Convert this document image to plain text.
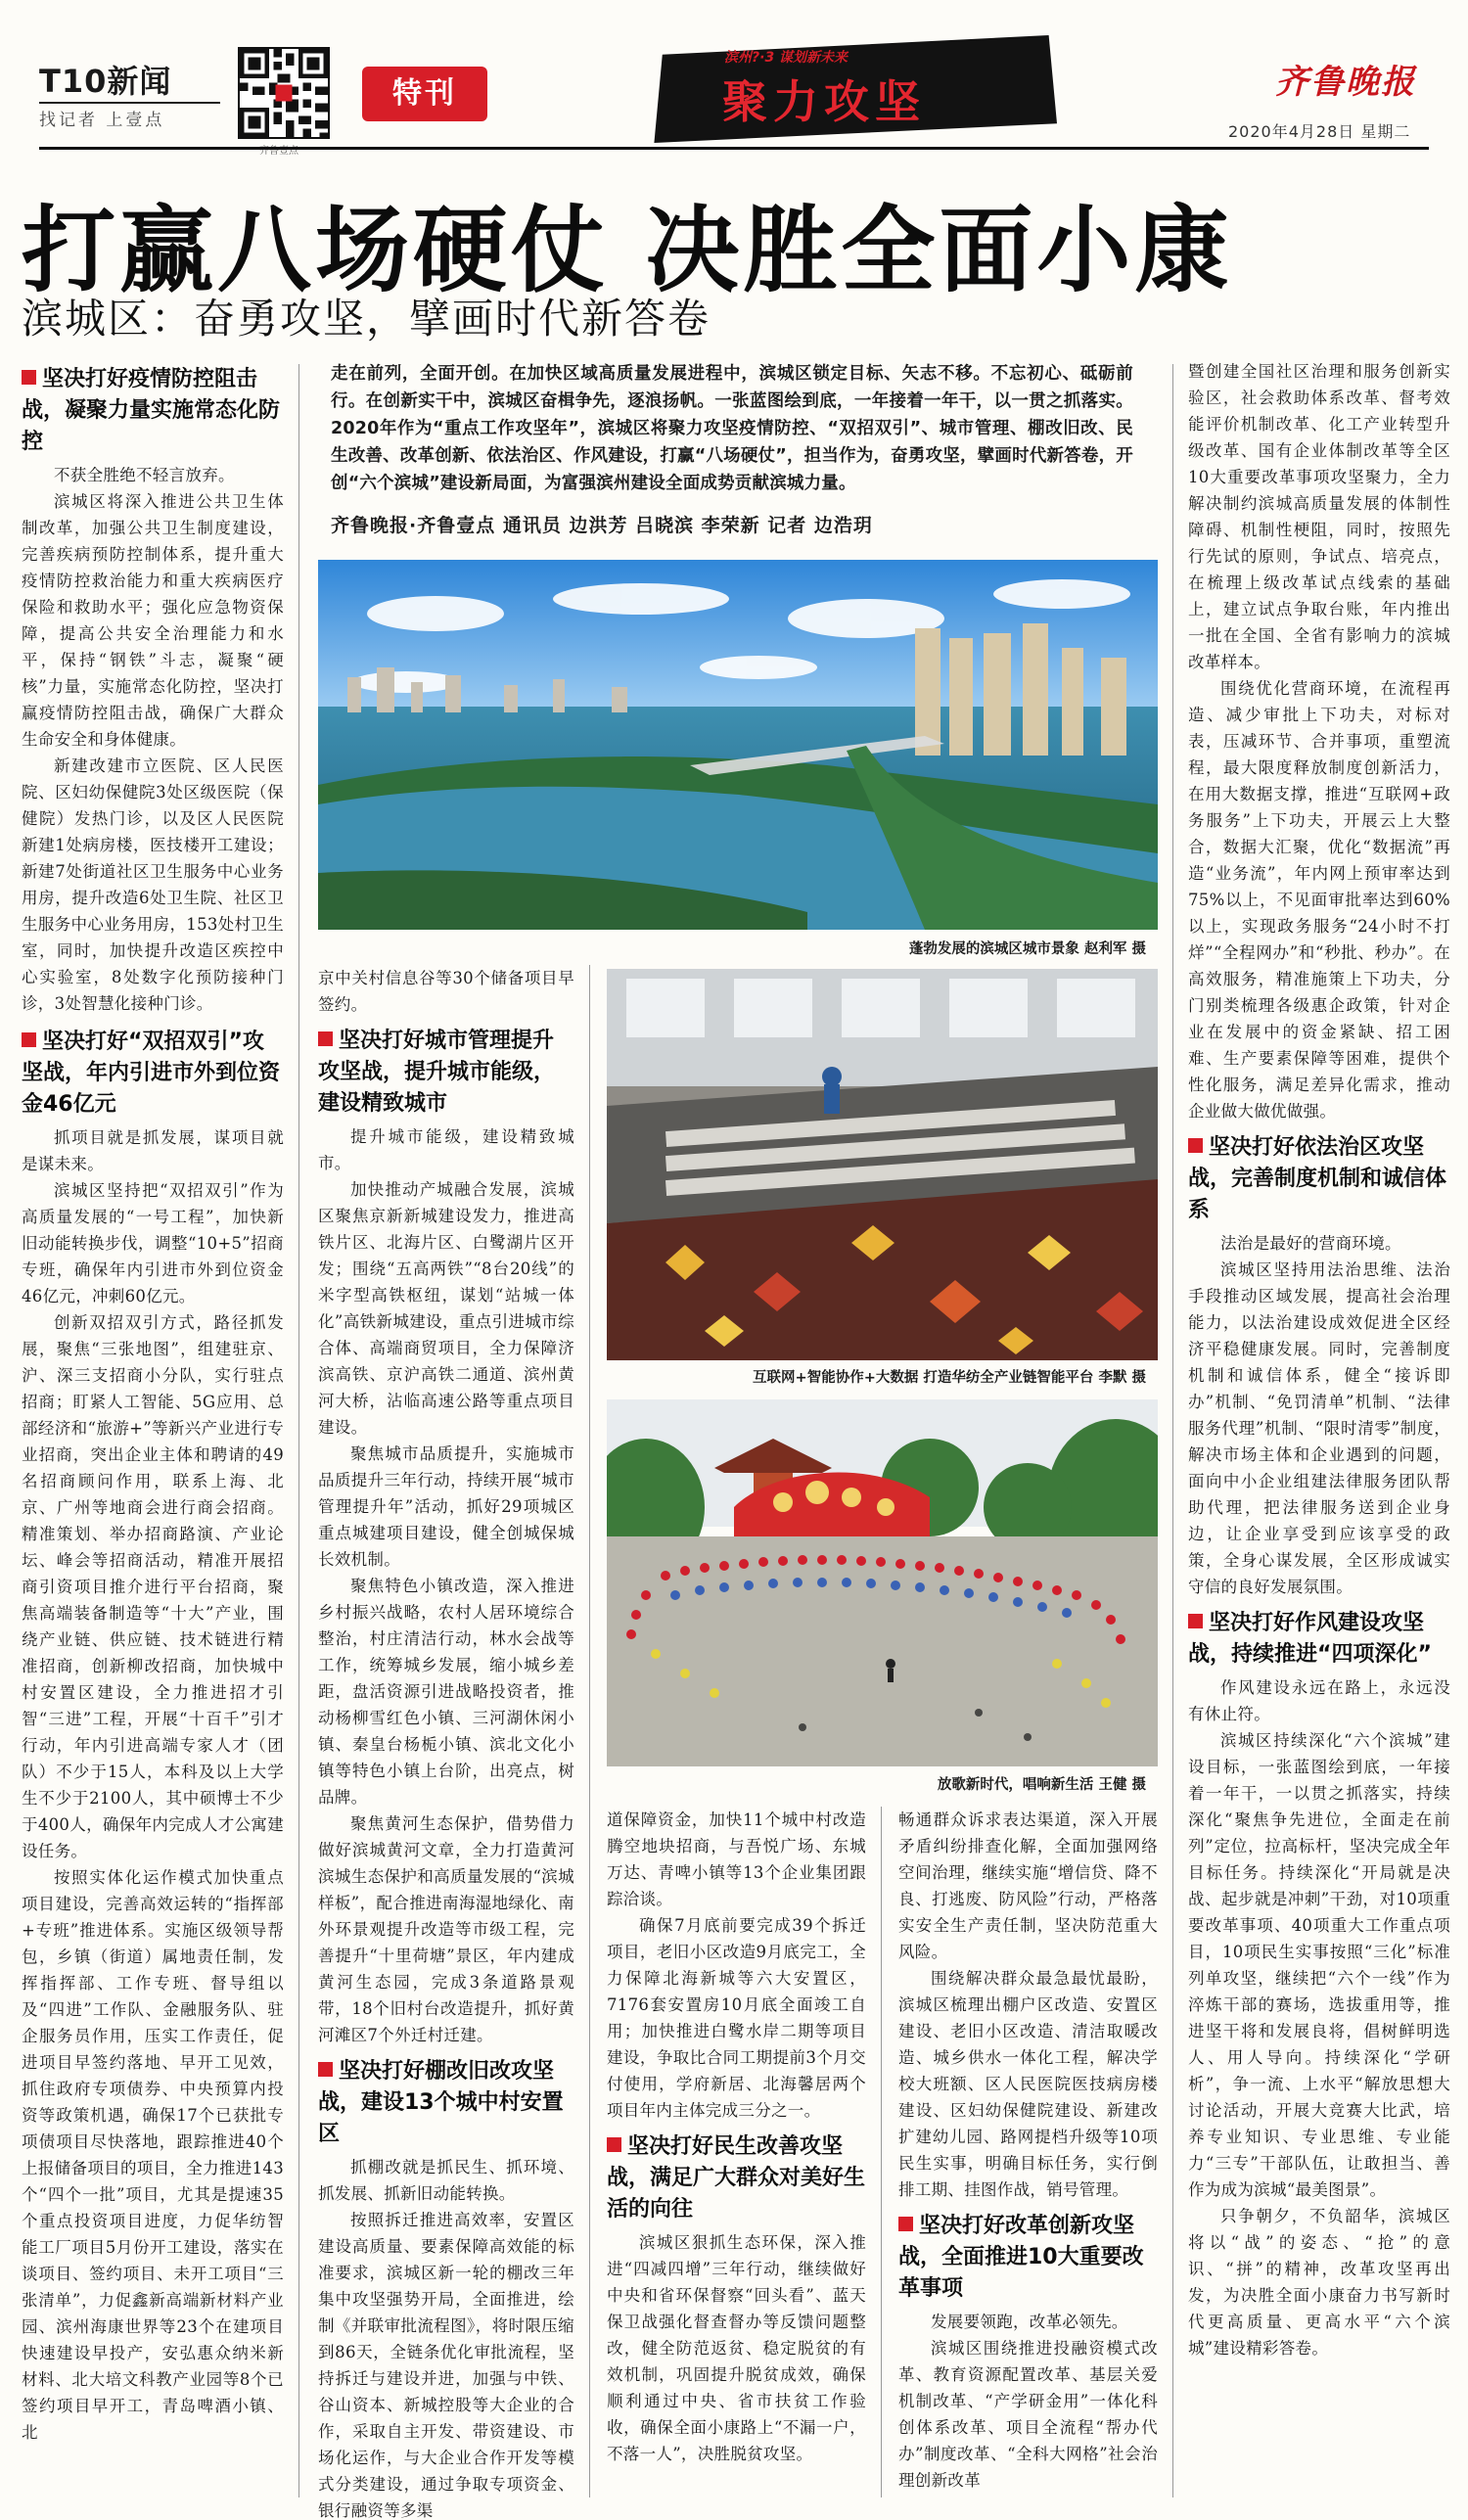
T10新闻
找记者 上壹点
齐鲁壹点
特刊
滨州?·3 谋划新未来
聚力攻坚	齐鲁晚报
2020年4月28日 星期二
打赢八场硬仗 决胜全面小康
滨城区：奋勇攻坚，擘画时代新答卷
坚决打好疫情防控阻击战，凝聚力量实施常态化防控
不获全胜绝不轻言放弃。
滨城区将深入推进公共卫生体制改革，加强公共卫生制度建设，完善疾病预防控制体系，提升重大疫情防控救治能力和重大疾病医疗保险和救助水平；强化应急物资保障，提高公共安全治理能力和水平，保持“钢铁”斗志，凝聚“硬核”力量，实施常态化防控，坚决打赢疫情防控阻击战，确保广大群众生命安全和身体健康。
新建改建市立医院、区人民医院、区妇幼保健院3处区级医院（保健院）发热门诊，以及区人民医院新建1处病房楼，医技楼开工建设；新建7处街道社区卫生服务中心业务用房，提升改造6处卫生院、社区卫生服务中心业务用房，153处村卫生室，同时，加快提升改造区疾控中心实验室，8处数字化预防接种门诊，3处智慧化接种门诊。
坚决打好“双招双引”攻坚战，年内引进市外到位资金46亿元
抓项目就是抓发展，谋项目就是谋未来。
滨城区坚持把“双招双引”作为高质量发展的“一号工程”，加快新旧动能转换步伐，调整“10+5”招商专班，确保年内引进市外到位资金46亿元，冲刺60亿元。
创新双招双引方式，路径抓发展，聚焦“三张地图”，组建驻京、沪、深三支招商小分队，实行驻点招商；盯紧人工智能、5G应用、总部经济和“旅游+”等新兴产业进行专业招商，突出企业主体和聘请的49名招商顾问作用，联系上海、北京、广州等地商会进行商会招商。精准策划、举办招商路演、产业论坛、峰会等招商活动，精准开展招商引资项目推介进行平台招商，聚焦高端装备制造等“十大”产业，围绕产业链、供应链、技术链进行精准招商，创新柳改招商，加快城中村安置区建设，全力推进招才引智“三进”工程，开展“十百千”引才行动，年内引进高端专家人才（团队）不少于15人，本科及以上大学生不少于2100人，其中硕博士不少于400人，确保年内完成人才公寓建设任务。
按照实体化运作模式加快重点项目建设，完善高效运转的“指挥部+专班”推进体系。实施区级领导帮包，乡镇（街道）属地责任制，发挥指挥部、工作专班、督导组以及“四进”工作队、金融服务队、驻企服务员作用，压实工作责任，促进项目早签约落地、早开工见效，抓住政府专项债券、中央预算内投资等政策机遇，确保17个已获批专项债项目尽快落地，跟踪推进40个上报储备项目的项目，全力推进143个“四个一批”项目，尤其是提速35个重点投资项目进度，力促华纺智能工厂项目5月份开工建设，落实在谈项目、签约项目、未开工项目“三张清单”，力促鑫新高端新材料产业园、滨州海康世界等23个在建项目快速建设早投产，安弘惠众纳米新材料、北大培文科教产业园等8个已签约项目早开工，青岛啤酒小镇、北
走在前列，全面开创。在加快区域高质量发展进程中，滨城区锁定目标、矢志不移。不忘初心、砥砺前行。在创新实干中，滨城区奋楫争先，逐浪扬帆。一张蓝图绘到底，一年接着一年干，以一贯之抓落实。2020年作为“重点工作攻坚年”，滨城区将聚力攻坚疫情防控、“双招双引”、城市管理、棚改旧改、民生改善、改革创新、依法治区、作风建设，打赢“八场硬仗”，担当作为，奋勇攻坚，擘画时代新答卷，开创“六个滨城”建设新局面，为富强滨州建设全面成势贡献滨城力量。
齐鲁晚报·齐鲁壹点 通讯员 边洪芳 吕晓滨 李荣新 记者 边浩玥
蓬勃发展的滨城区城市景象 赵利军 摄
京中关村信息谷等30个储备项目早签约。
坚决打好城市管理提升攻坚战，提升城市能级，建设精致城市
提升城市能级，建设精致城市。
加快推动产城融合发展，滨城区聚焦京新新城建设发力，推进高铁片区、北海片区、白鹭湖片区开发；围绕“五高两铁”“8台20线”的米字型高铁枢纽，谋划“站城一体化”高铁新城建设，重点引进城市综合体、高端商贸项目，全力保障济滨高铁、京沪高铁二通道、滨州黄河大桥，沾临高速公路等重点项目建设。
聚焦城市品质提升，实施城市品质提升三年行动，持续开展“城市管理提升年”活动，抓好29项城区重点城建项目建设，健全创城保城长效机制。
聚焦特色小镇改造，深入推进乡村振兴战略，农村人居环境综合整治，村庄清洁行动，林水会战等工作，统筹城乡发展，缩小城乡差距，盘活资源引进战略投资者，推动杨柳雪红色小镇、三河湖休闲小镇、秦皇台杨栀小镇、滨北文化小镇等特色小镇上台阶，出亮点，树品牌。
聚焦黄河生态保护，借势借力做好滨城黄河文章，全力打造黄河滨城生态保护和高质量发展的“滨城样板”，配合推进南海湿地绿化、南外环景观提升改造等市级工程，完善提升“十里荷塘”景区，年内建成黄河生态园，完成3条道路景观带，18个旧村台改造提升，抓好黄河滩区7个外迁村迁建。
坚决打好棚改旧改攻坚战，建设13个城中村安置区
抓棚改就是抓民生、抓环境、抓发展、抓新旧动能转换。
按照拆迁推进高效率，安置区建设高质量、要素保障高效能的标准要求，滨城区新一轮的棚改三年集中攻坚强势开局，全面推进，绘制《并联审批流程图》，将时限压缩到86天，全链条优化审批流程，坚持拆迁与建设并进，加强与中铁、谷山资本、新城控股等大企业的合作，采取自主开发、带资建设、市场化运作，与大企业合作开发等模式分类建设，通过争取专项资金、银行融资等多渠
互联网+智能协作+大数据 打造华纺全产业链智能平台 李默 摄
放歌新时代，唱响新生活 王健 摄
道保障资金，加快11个城中村改造腾空地块招商，与吾悦广场、东城万达、青啤小镇等13个企业集团跟踪洽谈。
确保7月底前要完成39个拆迁项目，老旧小区改造9月底完工，全力保障北海新城等六大安置区，7176套安置房10月底全面竣工自用；加快推进白鹭水岸二期等项目建设，争取比合同工期提前3个月交付使用，学府新居、北海馨居两个项目年内主体完成三分之一。
坚决打好民生改善攻坚战，满足广大群众对美好生活的向往
滨城区狠抓生态环保，深入推进“四减四增”三年行动，继续做好中央和省环保督察“回头看”、蓝天保卫战强化督查督办等反馈问题整改，健全防范返贫、稳定脱贫的有效机制，巩固提升脱贫成效，确保顺利通过中央、省市扶贫工作验收，确保全面小康路上“不漏一户，不落一人”，决胜脱贫攻坚。
畅通群众诉求表达渠道，深入开展矛盾纠纷排查化解，全面加强网络空间治理，继续实施“增信贷、降不良、打逃废、防风险”行动，严格落实安全生产责任制，坚决防范重大风险。
围绕解决群众最急最忧最盼，滨城区梳理出棚户区改造、安置区建设、老旧小区改造、清洁取暖改造、城乡供水一体化工程，解决学校大班额、区人民医院医技病房楼建设、区妇幼保健院建设、新建改扩建幼儿园、路网提档升级等10项民生实事，明确目标任务，实行倒排工期、挂图作战，销号管理。
坚决打好改革创新攻坚战，全面推进10大重要改革事项
发展要领跑，改革必领先。
滨城区围绕推进投融资模式改革、教育资源配置改革、基层关爱机制改革、“产学研金用”一体化科创体系改革、项目全流程“帮办代办”制度改革、“全科大网格”社会治理创新改革
暨创建全国社区治理和服务创新实验区，社会救助体系改革、督考效能评价机制改革、化工产业转型升级改革、国有企业体制改革等全区10大重要改革事项攻坚聚力，全力解决制约滨城高质量发展的体制性障碍、机制性梗阻，同时，按照先行先试的原则，争试点、培亮点，在梳理上级改革试点线索的基础上，建立试点争取台账，年内推出一批在全国、全省有影响力的滨城改革样本。
围绕优化营商环境，在流程再造、减少审批上下功夫，对标对表，压减环节、合并事项，重塑流程，最大限度释放制度创新活力，在用大数据支撑，推进“互联网+政务服务”上下功夫，开展云上大整合，数据大汇聚，优化“数据流”再造“业务流”，年内网上预审率达到75%以上，不见面审批率达到60%以上，实现政务服务“24小时不打烊”“全程网办”和“秒批、秒办”。在高效服务，精准施策上下功夫，分门别类梳理各级惠企政策，针对企业在发展中的资金紧缺、招工困难、生产要素保障等困难，提供个性化服务，满足差异化需求，推动企业做大做优做强。
坚决打好依法治区攻坚战，完善制度机制和诚信体系
法治是最好的营商环境。
滨城区坚持用法治思维、法治手段推动区域发展，提高社会治理能力，以法治建设成效促进全区经济平稳健康发展。同时，完善制度机制和诚信体系，健全“接诉即办”机制、“免罚清单”机制、“法律服务代理”机制、“限时清零”制度，解决市场主体和企业遇到的问题，面向中小企业组建法律服务团队帮助代理，把法律服务送到企业身边，让企业享受到应该享受的政策，全身心谋发展，全区形成诚实守信的良好发展氛围。
坚决打好作风建设攻坚战，持续推进“四项深化”
作风建设永远在路上，永远没有休止符。
滨城区持续深化“六个滨城”建设目标，一张蓝图绘到底，一年接着一年干，一以贯之抓落实，持续深化“聚焦争先进位，全面走在前列”定位，拉高标杆，坚决完成全年目标任务。持续深化“开局就是决战、起步就是冲刺”干劲，对10项重要改革事项、40项重大工作重点项目，10项民生实事按照“三化”标准列单攻坚，继续把“六个一线”作为淬炼干部的赛场，选拔重用等，推进坚干将和发展良将，倡树鲜明选人、用人导向。持续深化“学研析”，争一流、上水平“解放思想大讨论活动，开展大竞赛大比武，培养专业知识、专业思维、专业能力“三专”干部队伍，让敢担当、善作为成为滨城“最美图景”。
只争朝夕，不负韶华，滨城区将以“战”的姿态、“抢”的意识、“拼”的精神，改革攻坚再出发，为决胜全面小康奋力书写新时代更高质量、更高水平“六个滨城”建设精彩答卷。
